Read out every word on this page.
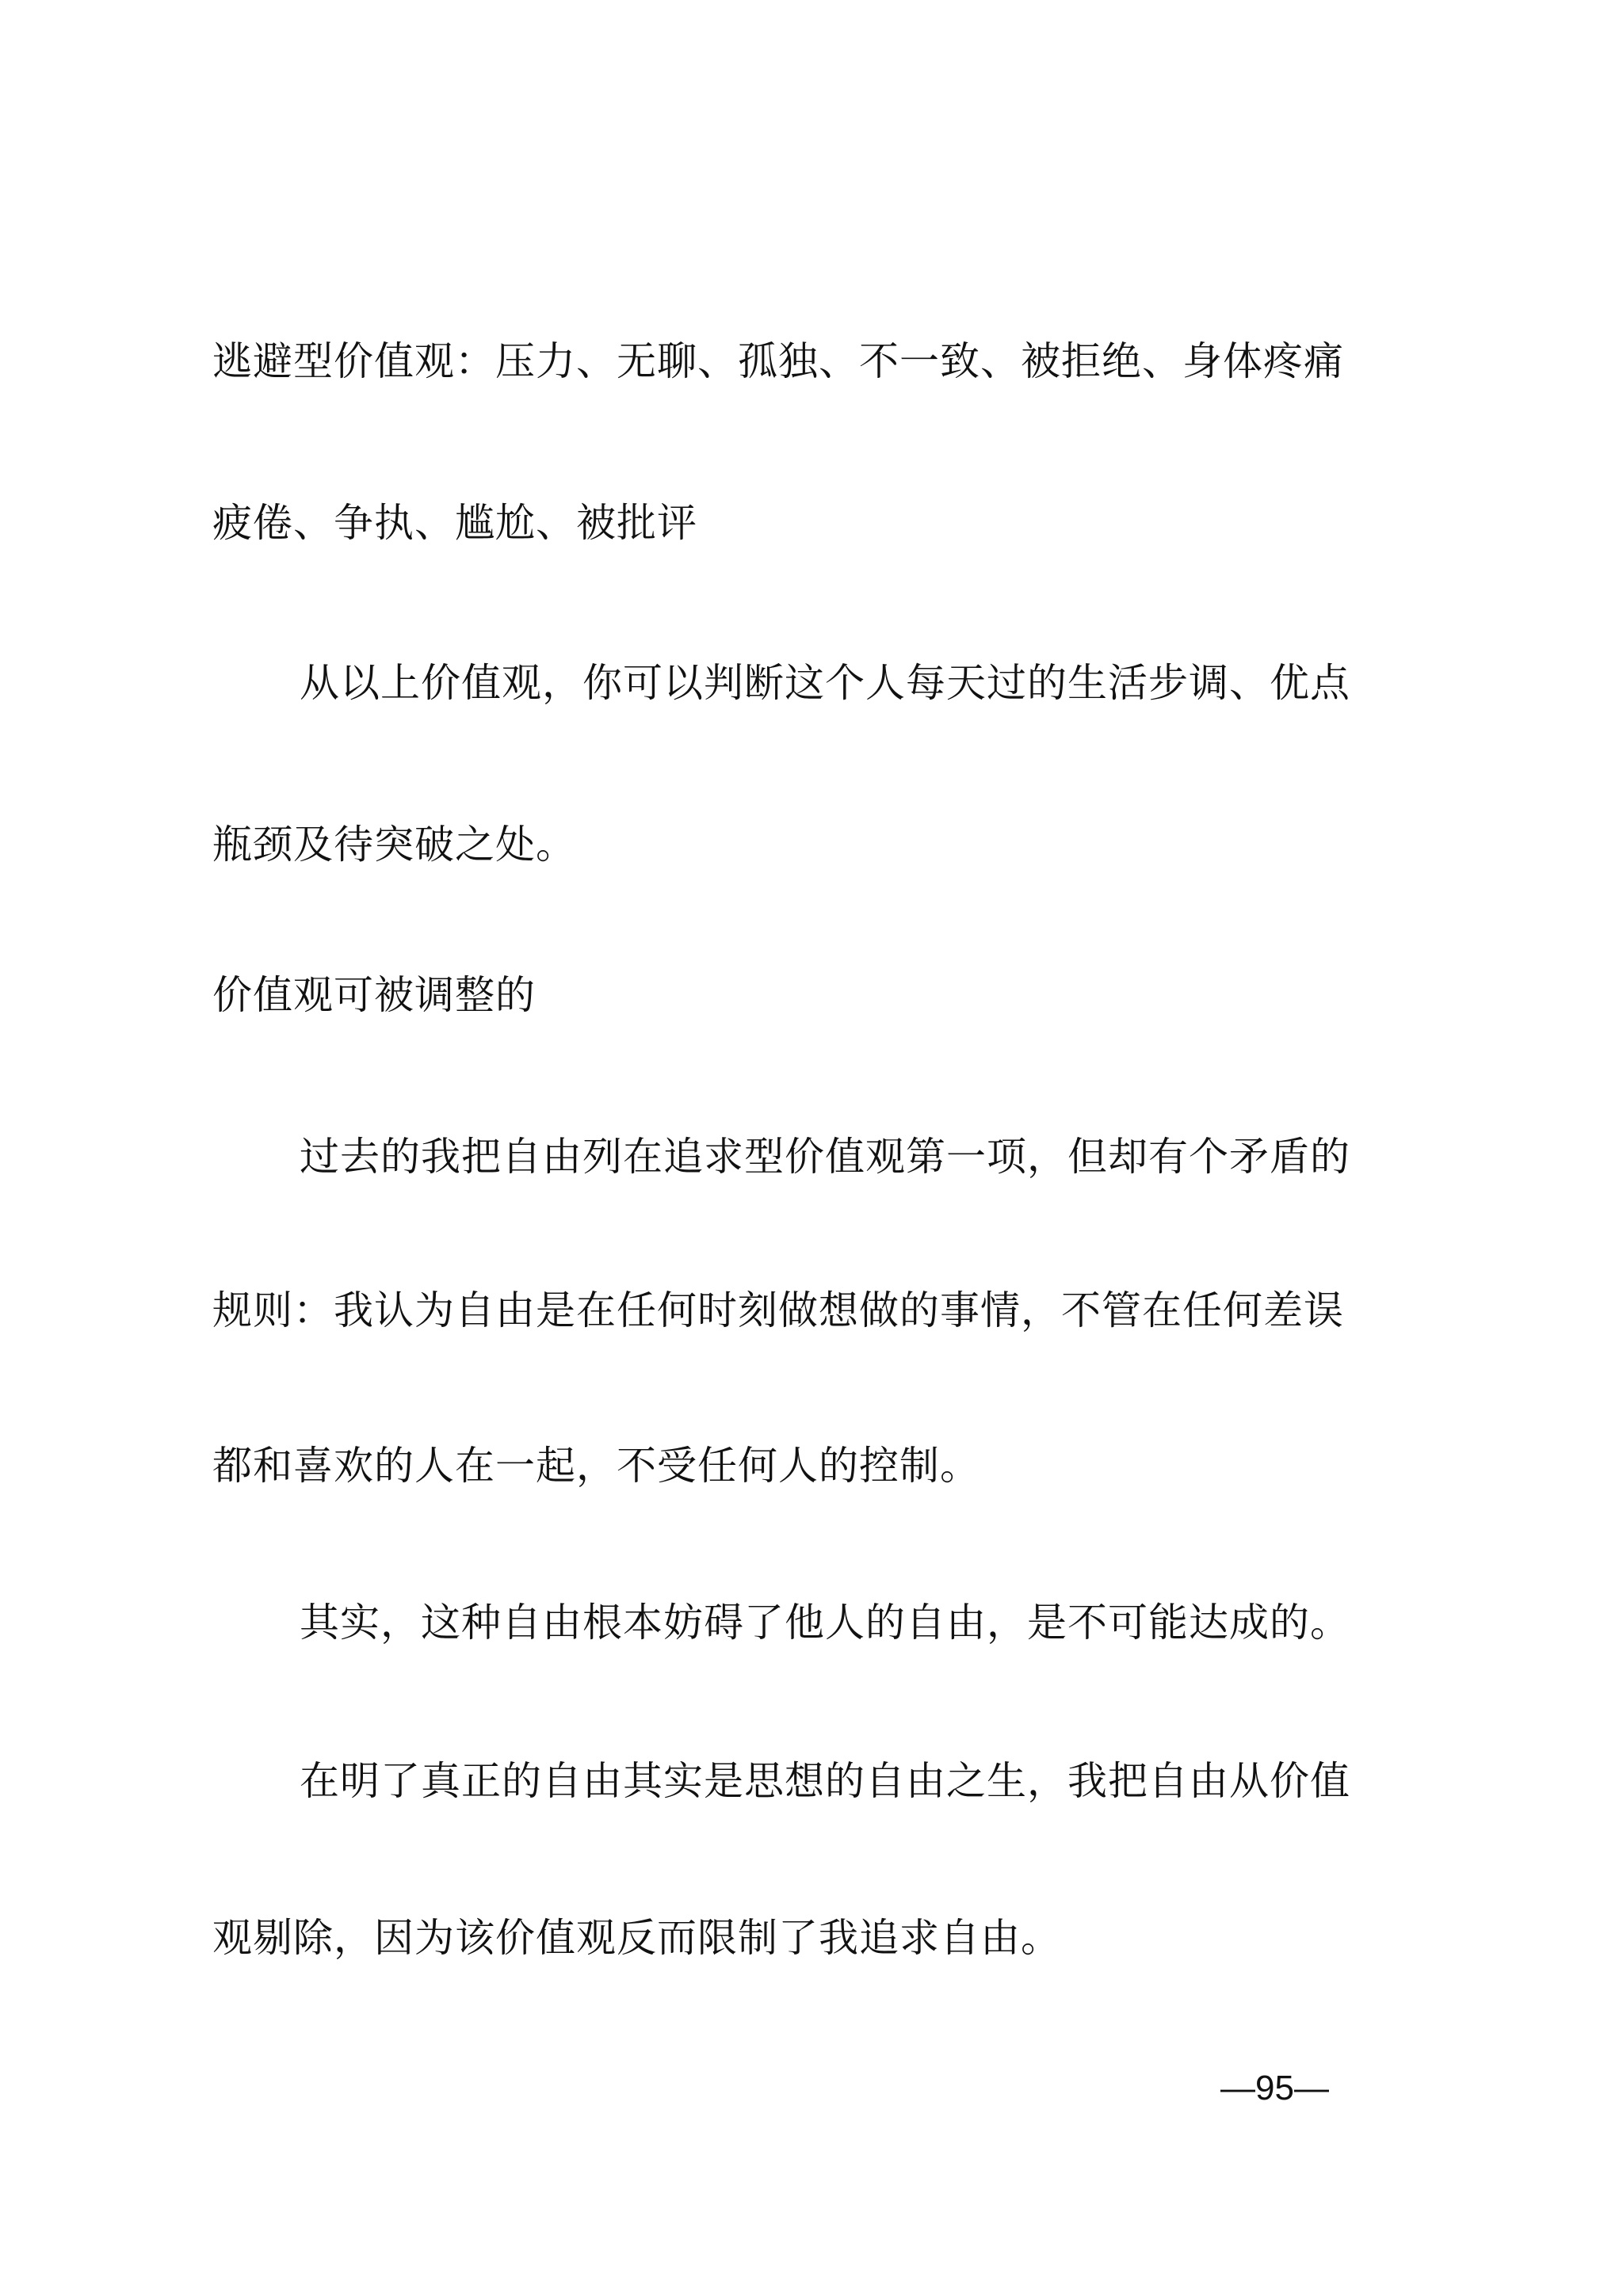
逃避型价值观：压力、无聊、孤独、不一致、被拒绝、身体疼痛
疲倦、争执、尴尬、被批评
从以上价值观，你可以判断这个人每天过的生活步调、优点
瓶颈及待突破之处。
价值观可被调整的
过去的我把自由列在追求型价值观第一项，但却有个矛盾的
规则：我认为自由是在任何时刻做想做的事情，不管在任何差误
都和喜欢的人在一起，不受任何人的控制。
其实，这种自由根本妨碍了他人的自由，是不可能达成的。
在明了真正的自由其实是思想的自由之生，我把自由从价值
观剔除，因为该价值观反而限制了我追求自由。
—95—
